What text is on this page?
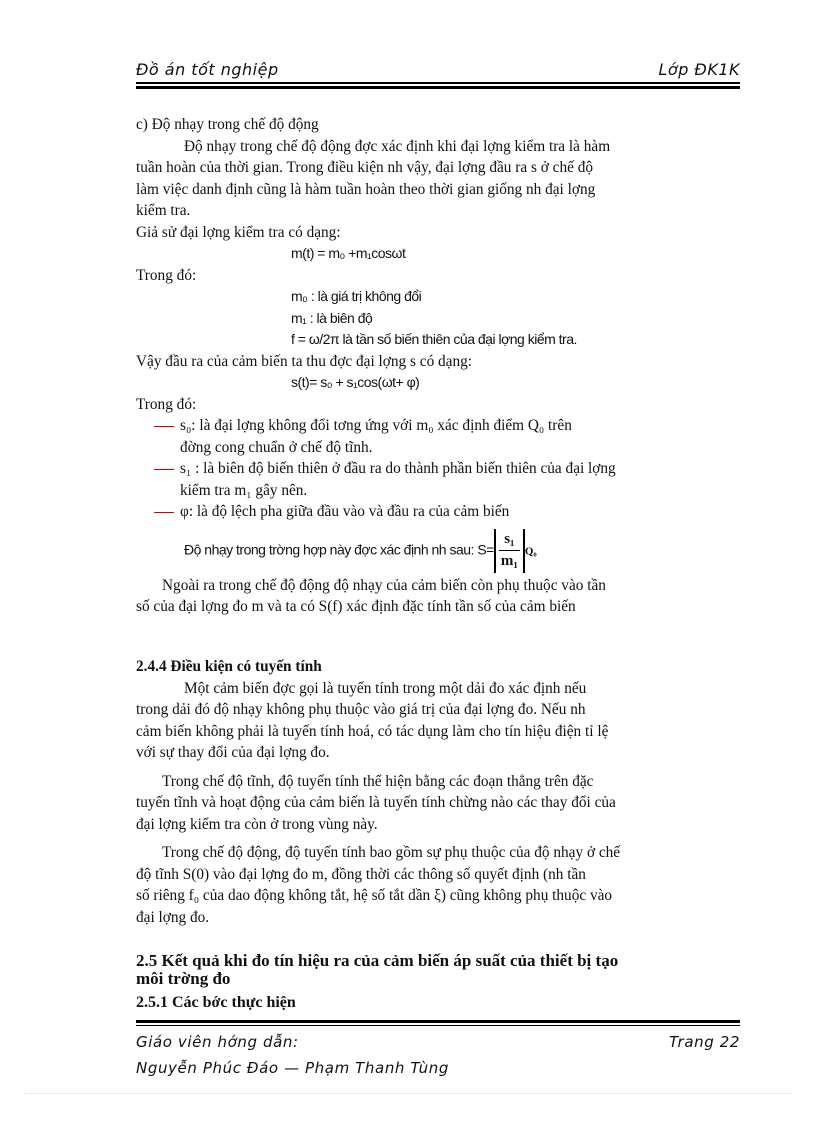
Đồ án tốt nghiệp	Lớp ĐK1K
c) Độ nhạy trong chế độ động
Độ nhạy trong chế độ động đợc xác định khi đại lợng kiểm tra là hàm
tuần hoàn của thời gian. Trong điều kiện nh vậy, đại lợng đầu ra s ở chế độ
làm việc danh định cũng là hàm tuần hoàn theo thời gian giống nh đại lợng
kiểm tra.
Giả sử đại lợng kiểm tra có dạng:
m(t) = m₀ +m₁cosωt
Trong đó:
m₀ : là giá trị không đổi
m₁ : là biên độ
f = ω/2π là tần số biến thiên của đại lợng kiểm tra.
Vậy đầu ra của cảm biến ta thu đợc đại lợng s có dạng:
s(t)= s₀ + s₁cos(ωt+ φ)
Trong đó:
s₀: là đại lợng không đổi tơng ứng với m₀ xác định điểm Q₀ trên
đờng cong chuẩn ở chế độ tĩnh.
s₁ : là biên độ biến thiên ở đầu ra do thành phần biến thiên của đại lợng
kiểm tra m₁ gây nên.
φ: là độ lệch pha giữa đầu vào và đầu ra của cảm biến
Độ nhạy trong trờng hợp này đợc xác định nh sau: $S= \frac{\text{s₁}}{\text{m₁}} Q_0$
Ngoài ra trong chế độ động độ nhạy của cảm biến còn phụ thuộc vào tần
số của đại lợng đo m và ta có S(f) xác định đặc tính tần số của cảm biến
2.4.4 Điều kiện có tuyến tính
Một cảm biến đợc gọi là tuyến tính trong một dải đo xác định nếu
trong dải đó độ nhạy không phụ thuộc vào giá trị của đại lợng đo. Nếu nh
cảm biến không phải là tuyến tính hoá, có tác dụng làm cho tín hiệu điện tỉ lệ
với sự thay đổi của đại lợng đo.
Trong chế độ tĩnh, độ tuyến tính thể hiện bằng các đoạn thẳng trên đặc
tuyến tĩnh và hoạt động của cảm biến là tuyến tính chừng nào các thay đổi của
đại lợng kiểm tra còn ở trong vùng này.
Trong chế độ động, độ tuyến tính bao gồm sự phụ thuộc của độ nhạy ở chế
độ tĩnh S(0) vào đại lợng đo m, đồng thời các thông số quyết định (nh tần
số riêng f₀ của dao động không tắt, hệ số tắt dần ξ) cũng không phụ thuộc vào
đại lợng đo.
2.5 Kết quả khi đo tín hiệu ra của cảm biến áp suất của thiết bị tạo
môi trờng đo
2.5.1 Các bớc thực hiện
Giáo viên hớng dẫn:	Trang 22
Nguyễn Phúc Đáo — Phạm Thanh Tùng
